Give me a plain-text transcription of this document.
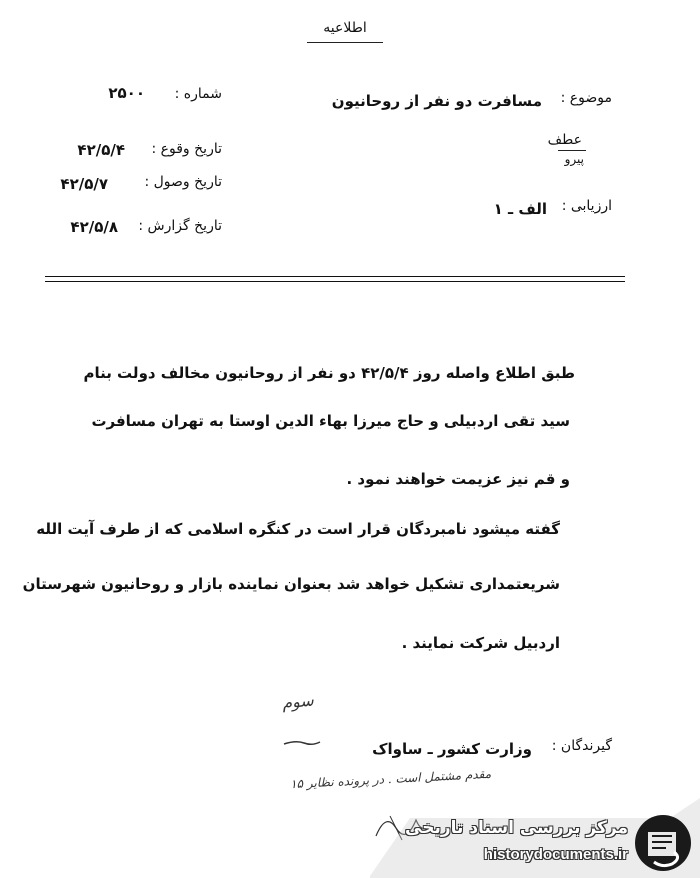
اطلاعیه
موضوع :
مسافرت دو نفر از روحانیون
شماره :
۲۵۰۰
عطف
پیرو
تاریخ وقوع :
۴۲/۵/۴
تاریخ وصول :
۴۲/۵/۷
تاریخ گزارش :
۴۲/۵/۸
ارزیابی :
الف ـ ۱
طبق اطلاع واصله روز ۴۲/۵/۴ دو نفر از روحانیون مخالف دولت بنام
سید تقی اردبیلی و حاج میرزا بهاء الدین اوستا به تهران مسافرت
و قم نیز عزیمت خواهند نمود .
گفته میشود نامبردگان قرار است در کنگره اسلامی که از طرف آیت الله
شریعتمداری تشکیل خواهد شد بعنوان نماینده بازار و روحانیون شهرستان
اردبیل شرکت نمایند .
سوم
گیرندگان :
وزارت کشور ـ ساواک
مقدم مشتمل است . در پرونده نظایر ۱۵
مرکز بررسی اسناد تاریخی
historydocuments.ir
